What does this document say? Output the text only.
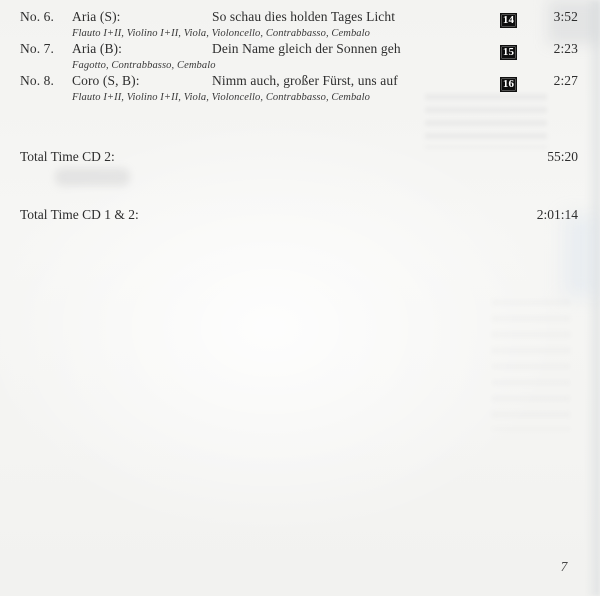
No. 6.	Aria (S):	So schau dies holden Tages Licht	14	3:52
Flauto I+II, Violino I+II, Viola, Violoncello, Contrabbasso, Cembalo
No. 7.	Aria (B):	Dein Name gleich der Sonnen geh	15	2:23
Fagotto, Contrabbasso, Cembalo
No. 8.	Coro (S, B):	Nimm auch, großer Fürst, uns auf	16	2:27
Flauto I+II, Violino I+II, Viola, Violoncello, Contrabbasso, Cembalo
Total Time CD 2:	55:20
Total Time CD 1 & 2:	2:01:14
7
